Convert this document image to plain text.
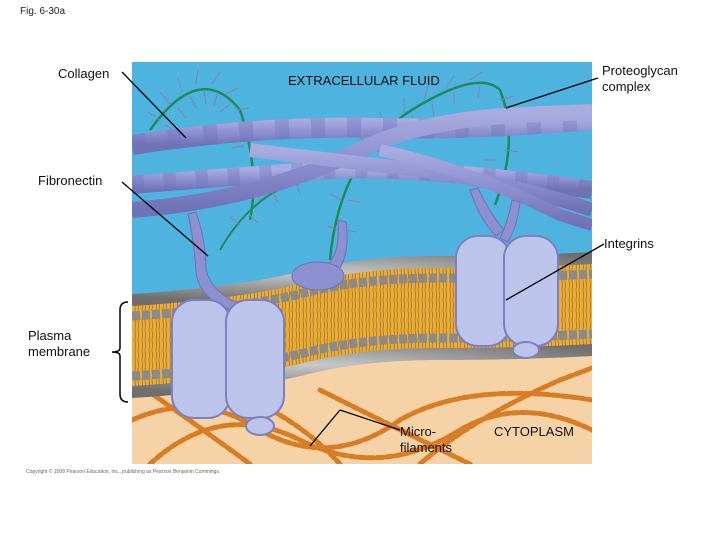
Fig. 6-30a
Collagen	EXTRACELLULAR FLUID
Proteoglycan
complex
Fibronectin
Integrins
Plasma
membrane
Micro-
filaments
CYTOPLASM
Copyright © 2008 Pearson Education, Inc., publishing as Pearson Benjamin Cummings.
